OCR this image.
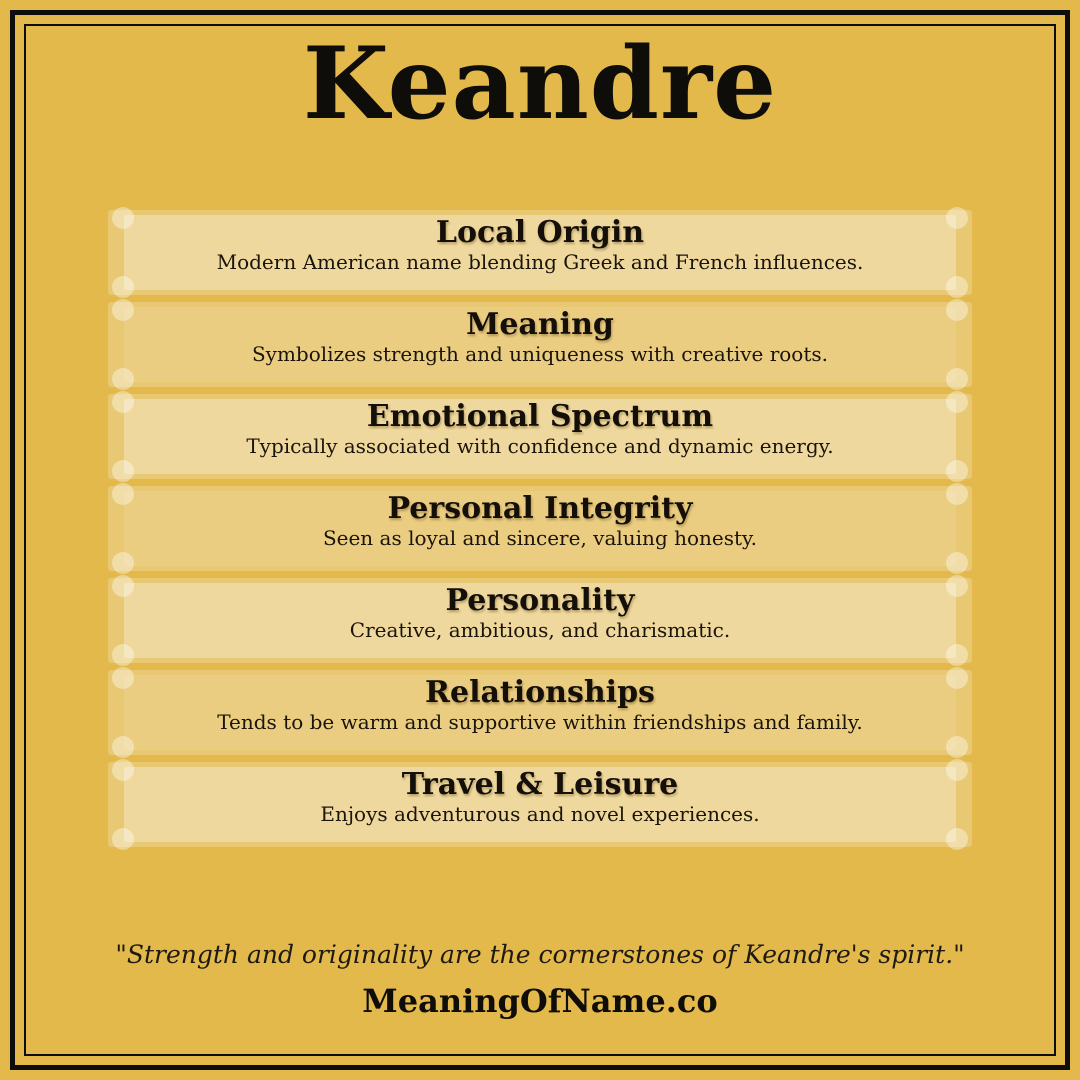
Keandre
Local Origin

Modern American name blending Greek and French influences.

Meaning

Symbolizes strength and uniqueness with creative roots.

Emotional Spectrum

Typically associated with confidence and dynamic energy.

Personal Integrity

Seen as loyal and sincere, valuing honesty.

Personality

Creative, ambitious, and charismatic.

Relationships

Tends to be warm and supportive within friendships and family.

Travel & Leisure

Enjoys adventurous and novel experiences.

"Strength and originality are the cornerstones of Keandre's spirit."
MeaningOfName.co
